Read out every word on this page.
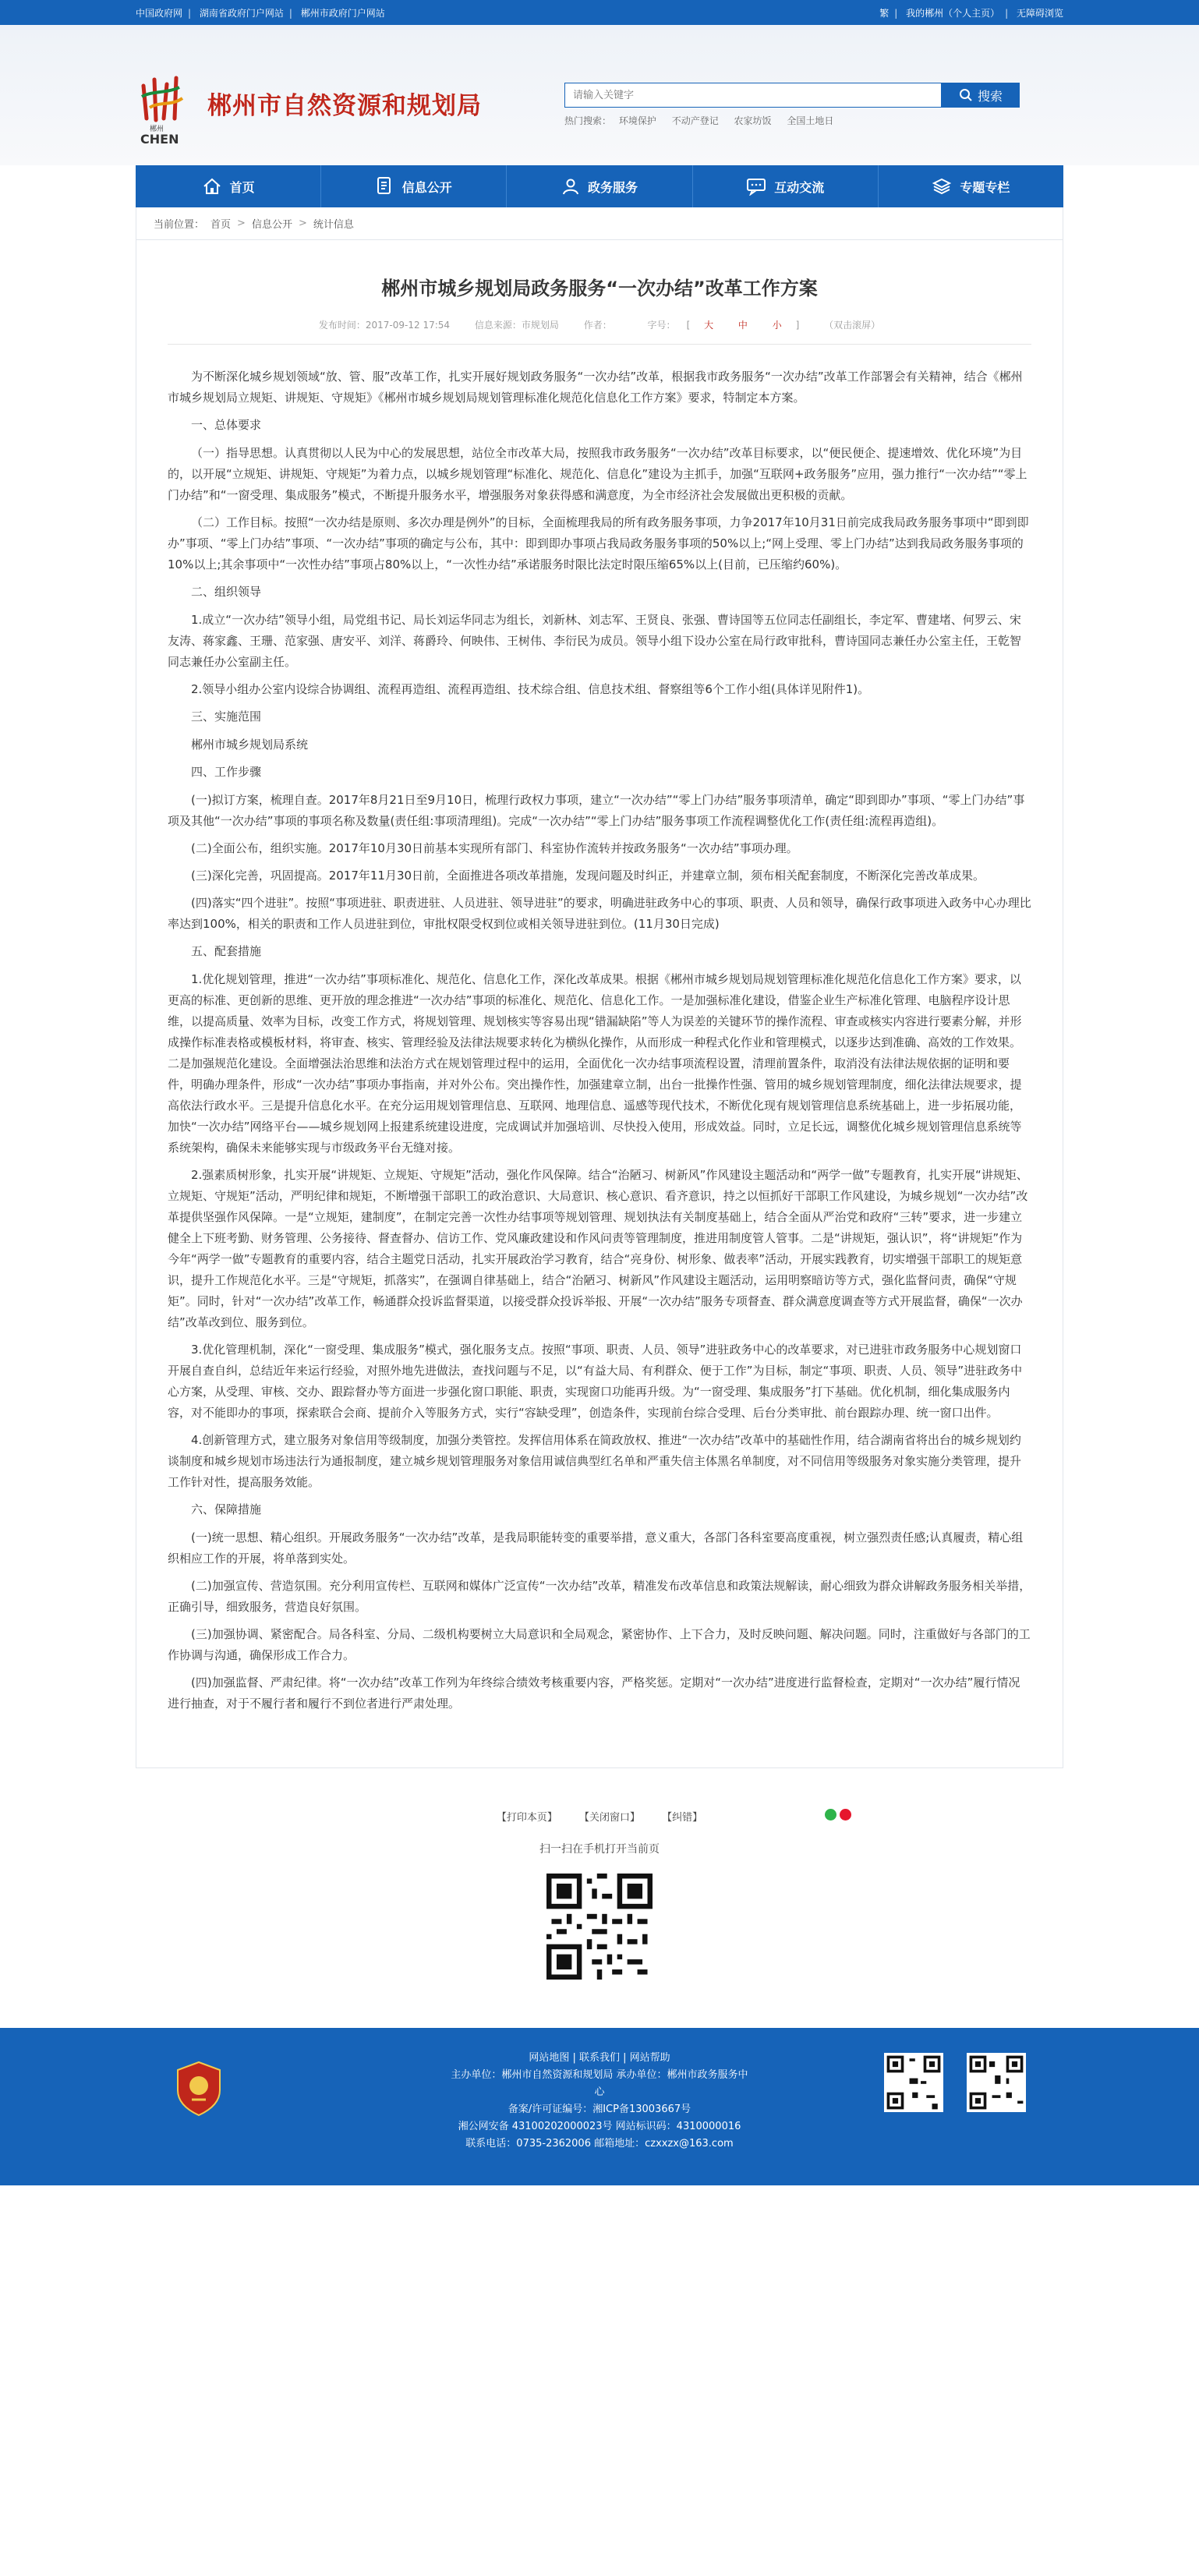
中国政府网 | 湖南省政府门户网站 | 郴州市政府门户网站	繁 | 我的郴州（个人主页） | 无障碍浏览
郴州
CHEN
郴州市自然资源和规划局
请输入关键字	搜索
热门搜索： 环境保护 不动产登记 农家坊饭 全国土地日
首页	信息公开	政务服务	互动交流	专题专栏
当前位置： 首页 > 信息公开 > 统计信息
郴州市城乡规划局政务服务“一次办结”改革工作方案
发布时间：2017-09-12 17:54	信息来源：市规划局	作者：	字号： [ 大	中	小 ] （双击滚屏）

为不断深化城乡规划领域“放、管、服”改革工作，扎实开展好规划政务服务“一次办结”改革，根据我市政务服务“一次办结”改革工作部署会有关精神，结合《郴州市城乡规划局立规矩、讲规矩、守规矩》《郴州市城乡规划局规划管理标准化规范化信息化工作方案》要求，特制定本方案。

一、总体要求

（一）指导思想。认真贯彻以人民为中心的发展思想，站位全市改革大局，按照我市政务服务“一次办结”改革目标要求，以“便民便企、提速增效、优化环境”为目的，以开展“立规矩、讲规矩、守规矩”为着力点，以城乡规划管理“标准化、规范化、信息化”建设为主抓手，加强“互联网+政务服务”应用，强力推行“一次办结”“零上门办结”和“一窗受理、集成服务”模式，不断提升服务水平，增强服务对象获得感和满意度，为全市经济社会发展做出更积极的贡献。

（二）工作目标。按照“一次办结是原则、多次办理是例外”的目标，全面梳理我局的所有政务服务事项，力争2017年10月31日前完成我局政务服务事项中“即到即办”事项、“零上门办结”事项、“一次办结”事项的确定与公布，其中：即到即办事项占我局政务服务事项的50%以上;“网上受理、零上门办结”达到我局政务服务事项的10%以上;其余事项中“一次性办结”事项占80%以上，“一次性办结”承诺服务时限比法定时限压缩65%以上(目前，已压缩约60%)。

二、组织领导

1.成立“一次办结”领导小组，局党组书记、局长刘运华同志为组长，刘新林、刘志军、王贤良、张强、曹诗国等五位同志任副组长，李定军、曹建堵、何罗云、宋友涛、蒋家鑫、王珊、范家强、唐安平、刘洋、蒋爵玲、何映伟、王树伟、李衍民为成员。领导小组下设办公室在局行政审批科，曹诗国同志兼任办公室主任，王乾智同志兼任办公室副主任。

2.领导小组办公室内设综合协调组、流程再造组、流程再造组、技术综合组、信息技术组、督察组等6个工作小组(具体详见附件1)。

三、实施范围

郴州市城乡规划局系统

四、工作步骤

(一)拟订方案，梳理自查。2017年8月21日至9月10日，梳理行政权力事项，建立“一次办结”“零上门办结”服务事项清单，确定“即到即办”事项、“零上门办结”事项及其他“一次办结”事项的事项名称及数量(责任组:事项清理组)。完成“一次办结”“零上门办结”服务事项工作流程调整优化工作(责任组:流程再造组)。

(二)全面公布，组织实施。2017年10月30日前基本实现所有部门、科室协作流转并按政务服务“一次办结”事项办理。

(三)深化完善，巩固提高。2017年11月30日前，全面推进各项改革措施，发现问题及时纠正，并建章立制，须布相关配套制度，不断深化完善改革成果。

(四)落实“四个进驻”。按照“事项进驻、职责进驻、人员进驻、领导进驻”的要求，明确进驻政务中心的事项、职责、人员和领导，确保行政事项进入政务中心办理比率达到100%，相关的职责和工作人员进驻到位，审批权限受权到位或相关领导进驻到位。(11月30日完成)

五、配套措施

1.优化规划管理，推进“一次办结”事项标准化、规范化、信息化工作，深化改革成果。根据《郴州市城乡规划局规划管理标准化规范化信息化工作方案》要求，以更高的标准、更创新的思维、更开放的理念推进“一次办结”事项的标准化、规范化、信息化工作。一是加强标准化建设，借鉴企业生产标准化管理、电脑程序设计思维，以提高质量、效率为目标，改变工作方式，将规划管理、规划核实等容易出现“错漏缺陷”等人为误差的关键环节的操作流程、审查或核实内容进行要素分解，并形成操作标准表格或模板材料，将审查、核实、管理经验及法律法规要求转化为横纵化操作，从而形成一种程式化作业和管理模式，以逐步达到准确、高效的工作效果。二是加强规范化建设。全面增强法治思维和法治方式在规划管理过程中的运用，全面优化一次办结事项流程设置，清理前置条件，取消没有法律法规依据的证明和要件，明确办理条件，形成“一次办结”事项办事指南，并对外公布。突出操作性，加强建章立制，出台一批操作性强、管用的城乡规划管理制度，细化法律法规要求，提高依法行政水平。三是提升信息化水平。在充分运用规划管理信息、互联网、地理信息、遥感等现代技术，不断优化现有规划管理信息系统基础上，进一步拓展功能，加快“一次办结”网络平台——城乡规划网上报建系统建设进度，完成调试并加强培训、尽快投入使用，形成效益。同时，立足长远，调整优化城乡规划管理信息系统等系统架构，确保未来能够实现与市级政务平台无缝对接。

2.强素质树形象，扎实开展“讲规矩、立规矩、守规矩”活动，强化作风保障。结合“治陋习、树新风”作风建设主题活动和“两学一做”专题教育，扎实开展“讲规矩、立规矩、守规矩”活动，严明纪律和规矩，不断增强干部职工的政治意识、大局意识、核心意识、看齐意识，持之以恒抓好干部职工作风建设，为城乡规划“一次办结”改革提供坚强作风保障。一是“立规矩，建制度”，在制定完善一次性办结事项等规划管理、规划执法有关制度基础上，结合全面从严治党和政府“三转”要求，进一步建立健全上下班考勤、财务管理、公务接待、督查督办、信访工作、党风廉政建设和作风问责等管理制度，推进用制度管人管事。二是“讲规矩，强认识”，将“讲规矩”作为今年“两学一做”专题教育的重要内容，结合主题党日活动，扎实开展政治学习教育，结合“亮身份、树形象、做表率”活动，开展实践教育，切实增强干部职工的规矩意识，提升工作规范化水平。三是“守规矩，抓落实”，在强调自律基础上，结合“治陋习、树新风”作风建设主题活动，运用明察暗访等方式，强化监督问责，确保“守规矩”。同时，针对“一次办结”改革工作，畅通群众投诉监督渠道，以接受群众投诉举报、开展“一次办结”服务专项督查、群众满意度调查等方式开展监督，确保“一次办结”改革改到位、服务到位。

3.优化管理机制，深化“一窗受理、集成服务”模式，强化服务支点。按照“事项、职责、人员、领导”进驻政务中心的改革要求，对已进驻市政务服务中心规划窗口开展自查自纠，总结近年来运行经验，对照外地先进做法，查找问题与不足，以“有益大局、有利群众、便于工作”为目标，制定“事项、职责、人员、领导”进驻政务中心方案，从受理、审核、交办、跟踪督办等方面进一步强化窗口职能、职责，实现窗口功能再升级。为“一窗受理、集成服务”打下基础。优化机制，细化集成服务内容，对不能即办的事项，探索联合会商、提前介入等服务方式，实行“容缺受理”，创造条件，实现前台综合受理、后台分类审批、前台跟踪办理、统一窗口出件。

4.创新管理方式，建立服务对象信用等级制度，加强分类管控。发挥信用体系在简政放权、推进“一次办结”改革中的基础性作用，结合湖南省将出台的城乡规划约谈制度和城乡规划市场违法行为通报制度，建立城乡规划管理服务对象信用诚信典型红名单和严重失信主体黑名单制度，对不同信用等级服务对象实施分类管理，提升工作针对性，提高服务效能。

六、保障措施

(一)统一思想、精心组织。开展政务服务“一次办结”改革，是我局职能转变的重要举措，意义重大，各部门各科室要高度重视，树立强烈责任感;认真履责，精心组织相应工作的开展，将单落到实处。

(二)加强宣传、营造氛围。充分利用宣传栏、互联网和媒体广泛宣传“一次办结”改革，精准发布改革信息和政策法规解读，耐心细致为群众讲解政务服务相关举措，正确引导，细致服务，营造良好氛围。

(三)加强协调、紧密配合。局各科室、分局、二级机构要树立大局意识和全局观念，紧密协作、上下合力，及时反映问题、解决问题。同时，注重做好与各部门的工作协调与沟通，确保形成工作合力。

(四)加强监督、严肃纪律。将“一次办结”改革工作列为年终综合绩效考核重要内容，严格奖惩。定期对“一次办结”进度进行监督检查，定期对“一次办结”履行情况进行抽查，对于不履行者和履行不到位者进行严肃处理。

【打印本页】 【关闭窗口】 【纠错】
扫一扫在手机打开当前页
网站地图 | 联系我们 | 网站帮助
主办单位：郴州市自然资源和规划局 承办单位：郴州市政务服务中
心
备案/许可证编号：湘ICP备13003667号
湘公网安备 43100202000023号 网站标识码：4310000016
联系电话：0735-2362006 邮箱地址：czxxzx@163.com
